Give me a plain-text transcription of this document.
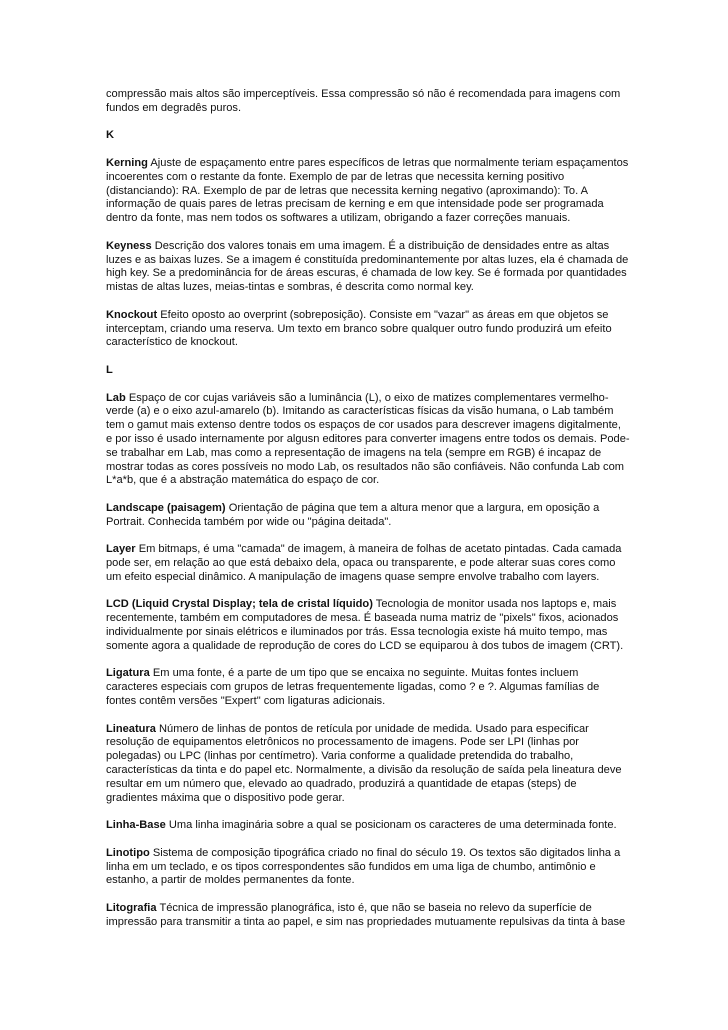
compressão mais altos são imperceptíveis. Essa compressão só não é recomendada para imagens com fundos em degradês puros.

K

Kerning Ajuste de espaçamento entre pares específicos de letras que normalmente teriam espaçamentos incoerentes com o restante da fonte. Exemplo de par de letras que necessita kerning positivo (distanciando): RA. Exemplo de par de letras que necessita kerning negativo (aproximando): To. A informação de quais pares de letras precisam de kerning e em que intensidade pode ser programada dentro da fonte, mas nem todos os softwares a utilizam, obrigando a fazer correções manuais.

Keyness Descrição dos valores tonais em uma imagem. É a distribuição de densidades entre as altas luzes e as baixas luzes. Se a imagem é constituída predominantemente por altas luzes, ela é chamada de high key. Se a predominância for de áreas escuras, é chamada de low key. Se é formada por quantidades mistas de altas luzes, meias-tintas e sombras, é descrita como normal key.

Knockout Efeito oposto ao overprint (sobreposição). Consiste em "vazar" as áreas em que objetos se interceptam, criando uma reserva. Um texto em branco sobre qualquer outro fundo produzirá um efeito característico de knockout.

L

Lab Espaço de cor cujas variáveis são a luminância (L), o eixo de matizes complementares vermelho-verde (a) e o eixo azul-amarelo (b). Imitando as características físicas da visão humana, o Lab também tem o gamut mais extenso dentre todos os espaços de cor usados para descrever imagens digitalmente, e por isso é usado internamente por algusn editores para converter imagens entre todos os demais. Pode-se trabalhar em Lab, mas como a representação de imagens na tela (sempre em RGB) é incapaz de mostrar todas as cores possíveis no modo Lab, os resultados não são confiáveis. Não confunda Lab com L*a*b, que é a abstração matemática do espaço de cor.

Landscape (paisagem) Orientação de página que tem a altura menor que a largura, em oposição a Portrait. Conhecida também por wide ou "página deitada".

Layer Em bitmaps, é uma "camada" de imagem, à maneira de folhas de acetato pintadas. Cada camada pode ser, em relação ao que está debaixo dela, opaca ou transparente, e pode alterar suas cores como um efeito especial dinâmico. A manipulação de imagens quase sempre envolve trabalho com layers.

LCD (Liquid Crystal Display; tela de cristal líquido) Tecnologia de monitor usada nos laptops e, mais recentemente, também em computadores de mesa. É baseada numa matriz de "pixels" fixos, acionados individualmente por sinais elétricos e iluminados por trás. Essa tecnologia existe há muito tempo, mas somente agora a qualidade de reprodução de cores do LCD se equiparou à dos tubos de imagem (CRT).

Ligatura Em uma fonte, é a parte de um tipo que se encaixa no seguinte. Muitas fontes incluem caracteres especiais com grupos de letras frequentemente ligadas, como ? e ?. Algumas famílias de fontes contêm versões "Expert" com ligaturas adicionais.

Lineatura Número de linhas de pontos de retícula por unidade de medida. Usado para especificar resolução de equipamentos eletrônicos no processamento de imagens. Pode ser LPI (linhas por polegadas) ou LPC (linhas por centímetro). Varia conforme a qualidade pretendida do trabalho, características da tinta e do papel etc. Normalmente, a divisão da resolução de saída pela lineatura deve resultar em um número que, elevado ao quadrado, produzirá a quantidade de etapas (steps) de gradientes máxima que o dispositivo pode gerar.

Linha-Base Uma linha imaginária sobre a qual se posicionam os caracteres de uma determinada fonte.

Linotipo Sistema de composição tipográfica criado no final do século 19. Os textos são digitados linha a linha em um teclado, e os tipos correspondentes são fundidos em uma liga de chumbo, antimônio e estanho, a partir de moldes permanentes da fonte.

Litografia Técnica de impressão planográfica, isto é, que não se baseia no relevo da superfície de impressão para transmitir a tinta ao papel, e sim nas propriedades mutuamente repulsivas da tinta à base
